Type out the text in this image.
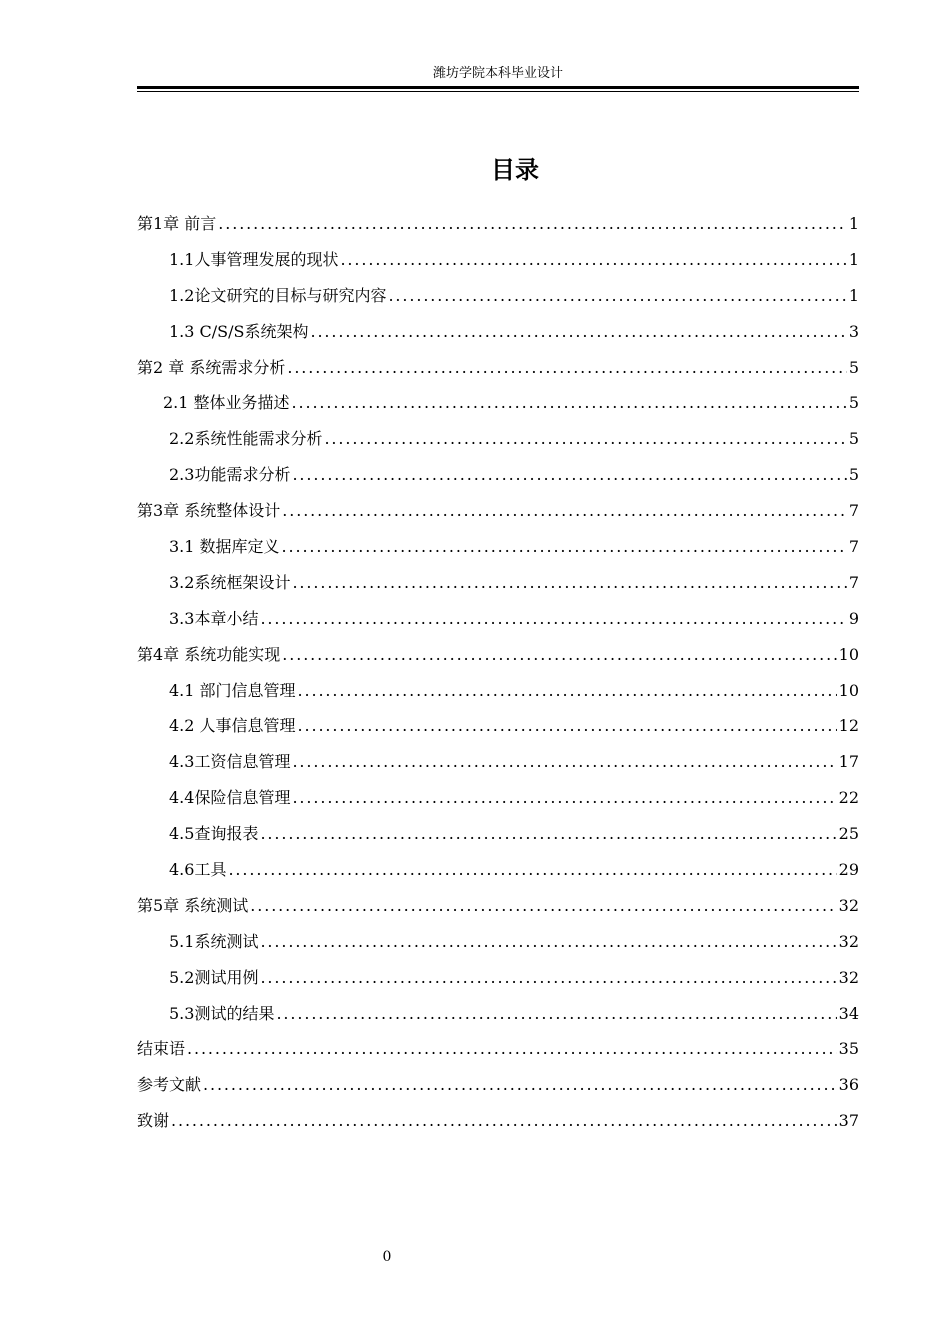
潍坊学院本科毕业设计
目录
第1章 前言 . . .	1
1.1人事管理发展的现状 . . .	1
1.2论文研究的目标与研究内容 . . .	1
1.3 C/S/S系统架构 . . .	3
第2 章 系统需求分析 . . .	5
2.1 整体业务描述 . . .	5
2.2系统性能需求分析 . . .	5
2.3功能需求分析 . . .	5
第3章 系统整体设计 . . .	7
3.1 数据库定义 . . .	7
3.2系统框架设计 . . .	7
3.3本章小结 . . .	9
第4章 系统功能实现 . . .	10
4.1 部门信息管理 . . .	10
4.2 人事信息管理 . . .	12
4.3工资信息管理 . . .	17
4.4保险信息管理 . . .	22
4.5查询报表 . . .	25
4.6工具 . . .	29
第5章 系统测试 . . .	32
5.1系统测试 . . .	32
5.2测试用例 . . .	32
5.3测试的结果 . . .	34
结束语 . . .	35
参考文献 . . .	36
致谢 . . .	37
0
